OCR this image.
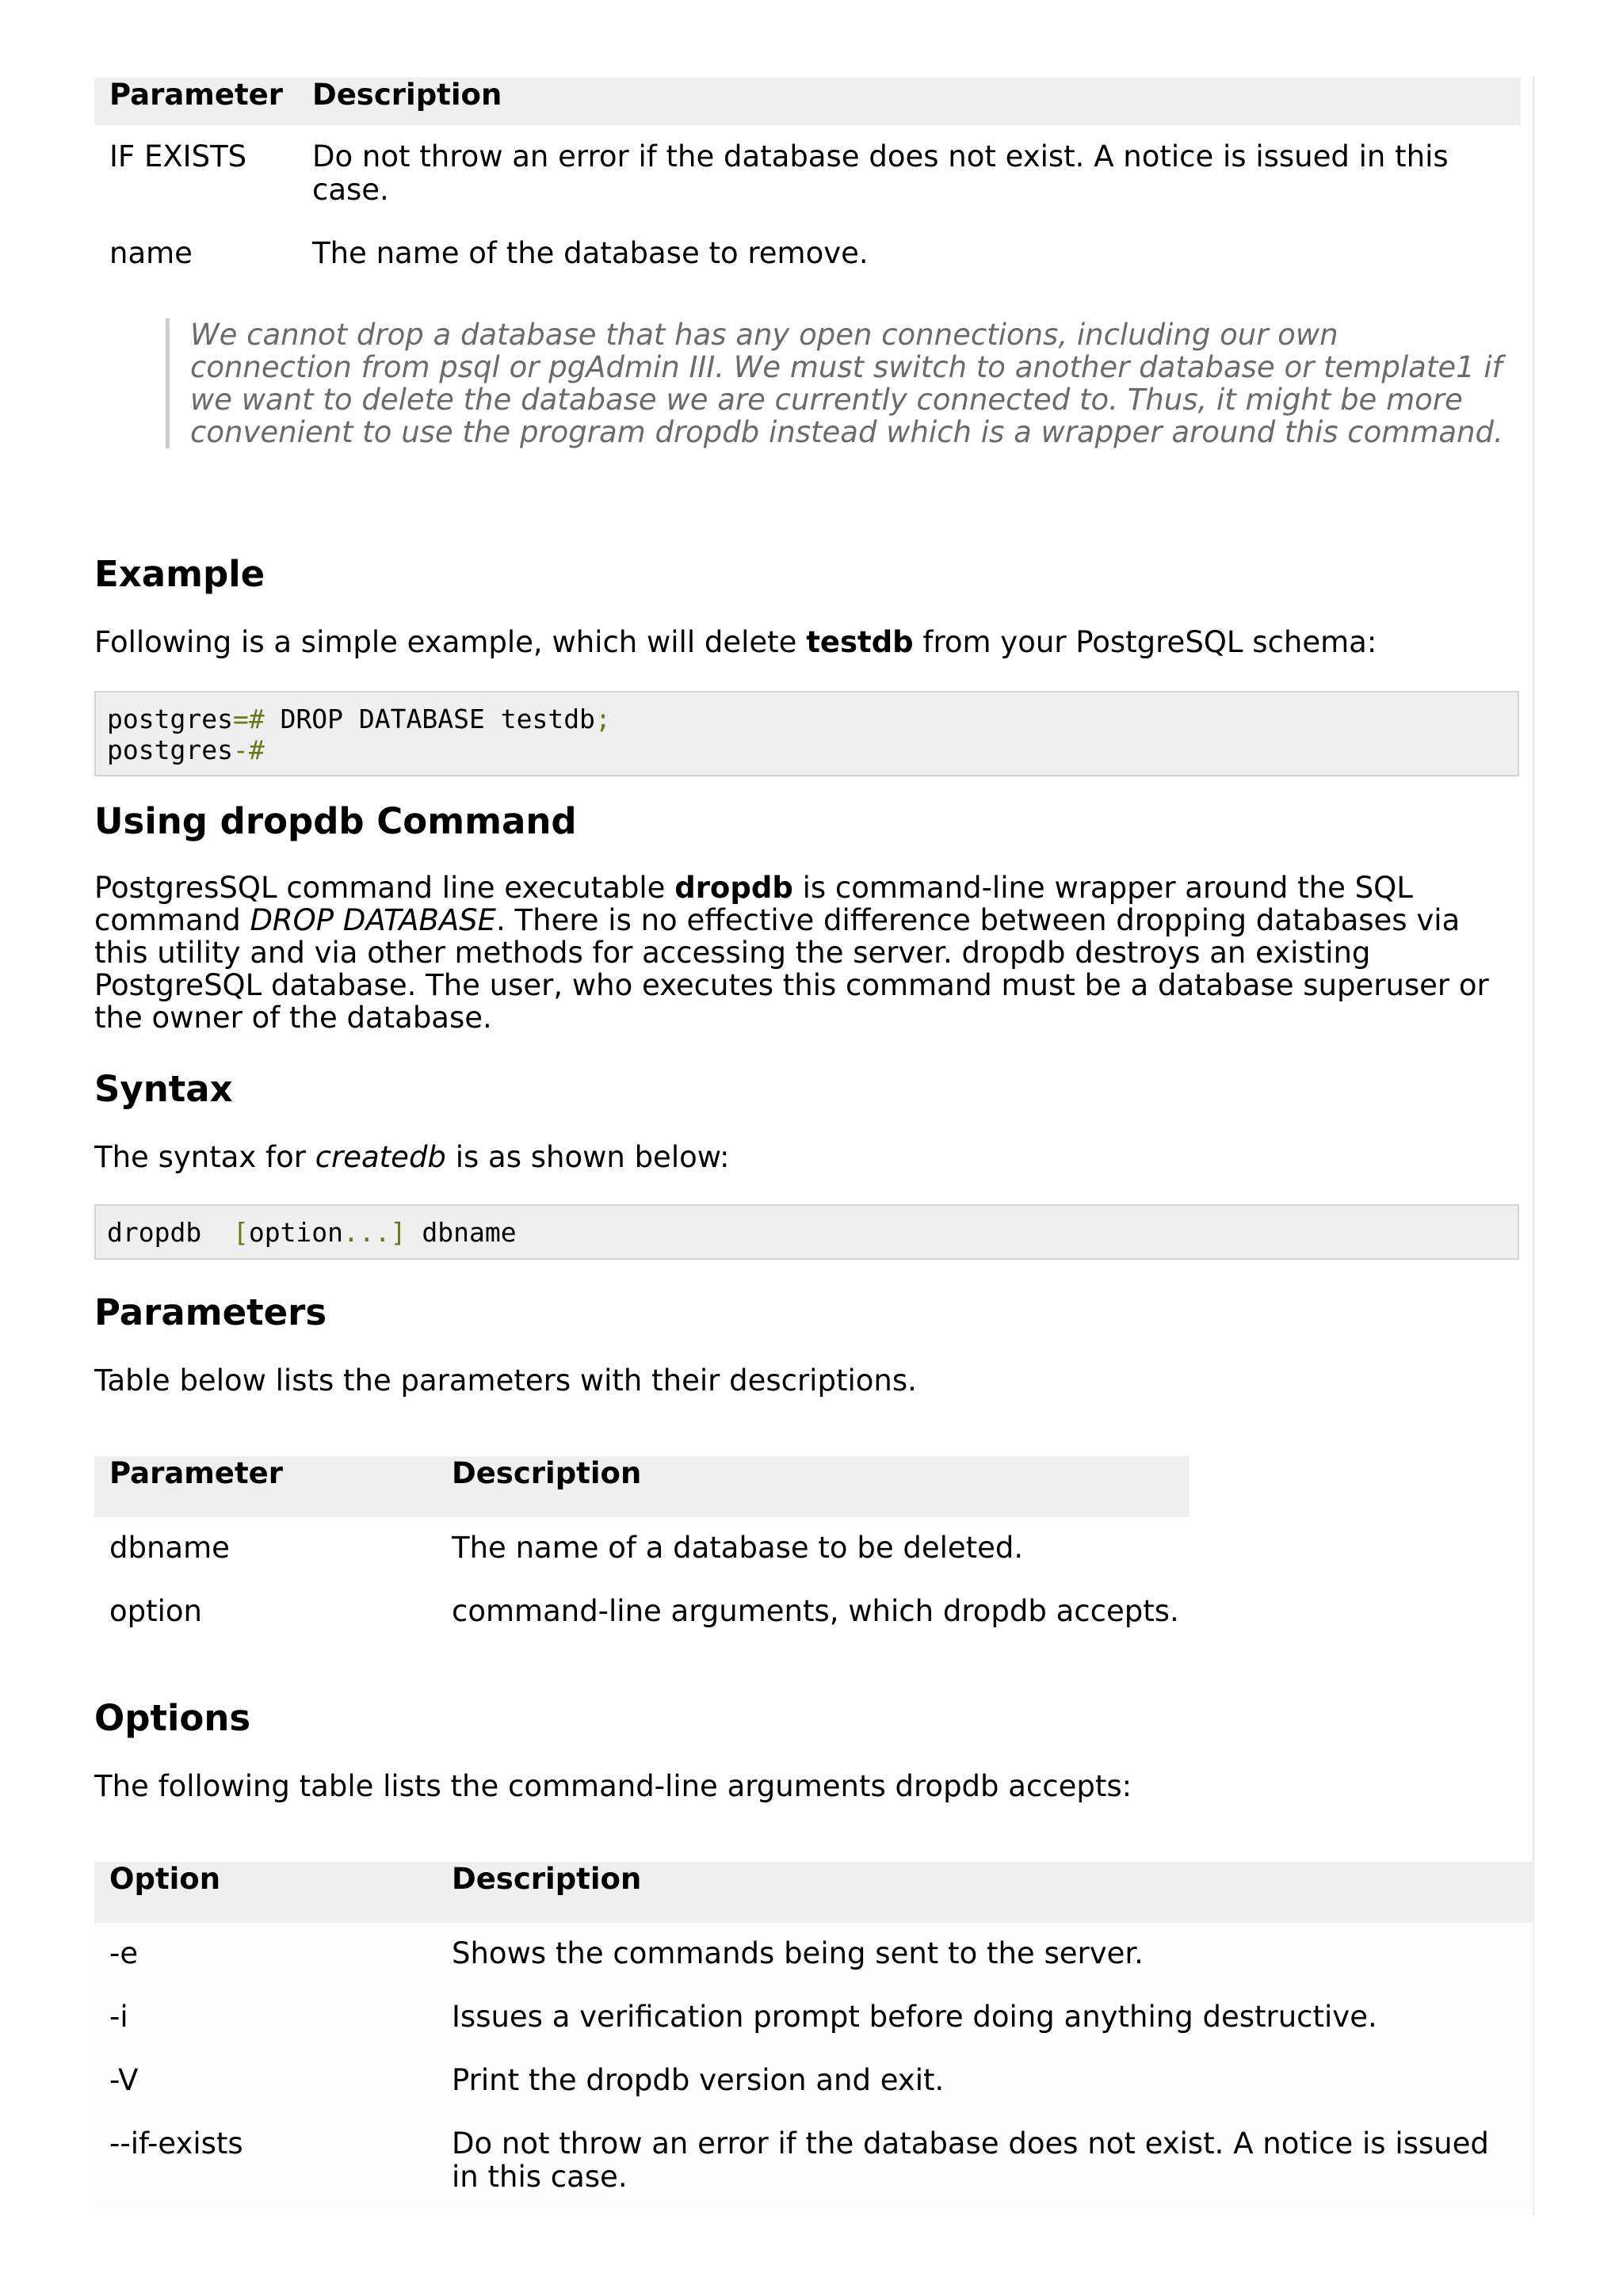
Parameter	Description
IF EXISTS	Do not throw an error if the database does not exist. A notice is issued in this case.
name	The name of the database to remove.
We cannot drop a database that has any open connections, including our own connection from psql or pgAdmin III. We must switch to another database or template1 if we want to delete the database we are currently connected to. Thus, it might be more convenient to use the program dropdb instead which is a wrapper around this command.
Example

Following is a simple example, which will delete testdb from your PostgreSQL schema:

postgres=# DROP DATABASE testdb;
postgres-#
Using dropdb Command

PostgresSQL command line executable dropdb is command-line wrapper around the SQL command DROP DATABASE. There is no effective difference between dropping databases via this utility and via other methods for accessing the server. dropdb destroys an existing PostgreSQL database. The user, who executes this command must be a database superuser or the owner of the database.

Syntax

The syntax for createdb is as shown below:

dropdb  [option...] dbname
Parameters

Table below lists the parameters with their descriptions.

Parameter	Description
dbname	The name of a database to be deleted.
option	command-line arguments, which dropdb accepts.
Options

The following table lists the command-line arguments dropdb accepts:

Option	Description
-e	Shows the commands being sent to the server.
-i	Issues a verification prompt before doing anything destructive.
-V	Print the dropdb version and exit.
--if-exists	Do not throw an error if the database does not exist. A notice is issued in this case.
